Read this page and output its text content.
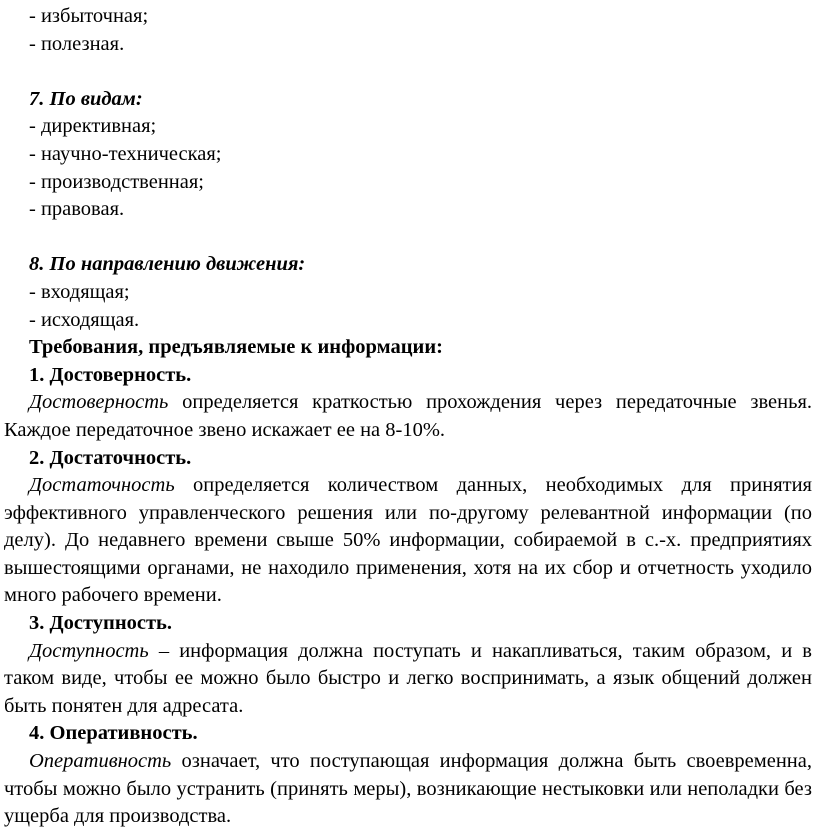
- избыточная;

- полезная.

7. По видам:

- директивная;

- научно-техническая;

- производственная;

- правовая.

8. По направлению движения:

- входящая;

- исходящая.

Требования, предъявляемые к информации:

1. Достоверность.

Достоверность определяется краткостью прохождения через передаточные звенья. Каждое передаточное звено искажает ее на 8-10%.

2. Достаточность.

Достаточность определяется количеством данных, необходимых для принятия эффективного управленческого решения или по-другому релевантной информации (по делу). До недавнего времени свыше 50% информации, собираемой в с.-х. предприятиях вышестоящими органами, не находило применения, хотя на их сбор и отчетность уходило много рабочего времени.

3. Доступность.

Доступность – информация должна поступать и накапливаться, таким образом, и в таком виде, чтобы ее можно было быстро и легко воспринимать, а язык общений должен быть понятен для адресата.

4. Оперативность.

Оперативность означает, что поступающая информация должна быть своевременна, чтобы можно было устранить (принять меры), возникающие нестыковки или неполадки без ущерба для производства.
